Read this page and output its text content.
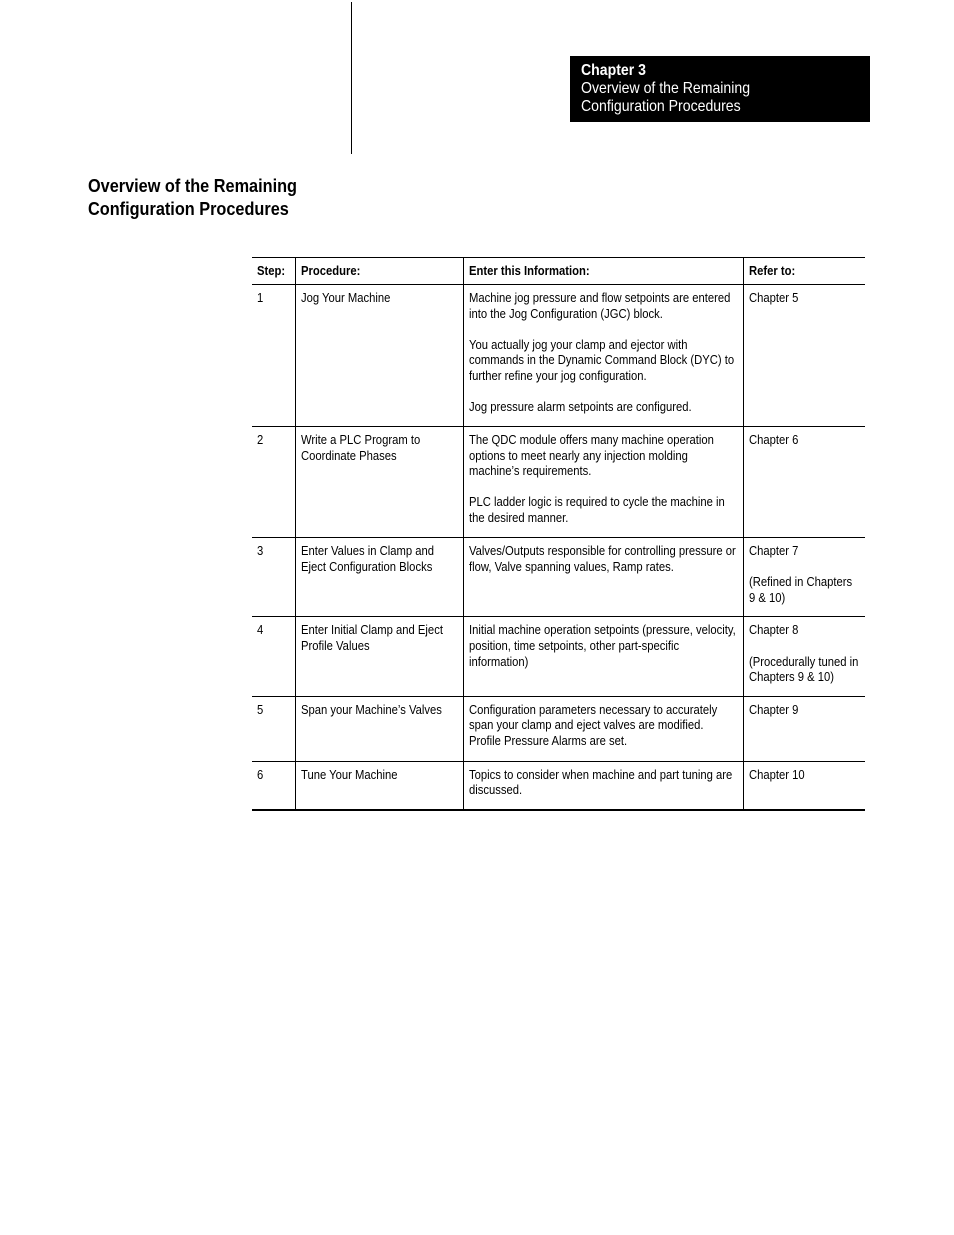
Chapter 3
Overview of the Remaining
Configuration Procedures
Overview of the Remaining
Configuration Procedures
Step:	Procedure:	Enter this Information:	Refer to:

1	Jog Your Machine	Machine jog pressure and flow setpoints are entered into the Jog Configuration (JGC) block.
You actually jog your clamp and ejector with commands in the Dynamic Command Block (DYC) to further refine your jog configuration.
Jog pressure alarm setpoints are configured.	Chapter 5

2	Write a PLC Program to Coordinate Phases	The QDC module offers many machine operation options to meet nearly any injection molding machine’s requirements.
PLC ladder logic is required to cycle the machine in the desired manner.	Chapter 6

3	Enter Values in Clamp and Eject Configuration Blocks	Valves/Outputs responsible for controlling pressure or flow, Valve spanning values, Ramp rates.	Chapter 7
(Refined in Chapters 9 & 10)

4	Enter Initial Clamp and Eject Profile Values	Initial machine operation setpoints (pressure, velocity, position, time setpoints, other part-specific information)	Chapter 8
(Procedurally tuned in Chapters 9 & 10)

5	Span your Machine’s Valves	Configuration parameters necessary to accurately span your clamp and eject valves are modified. Profile Pressure Alarms are set.	Chapter 9

6	Tune Your Machine	Topics to consider when machine and part tuning are discussed.	Chapter 10
